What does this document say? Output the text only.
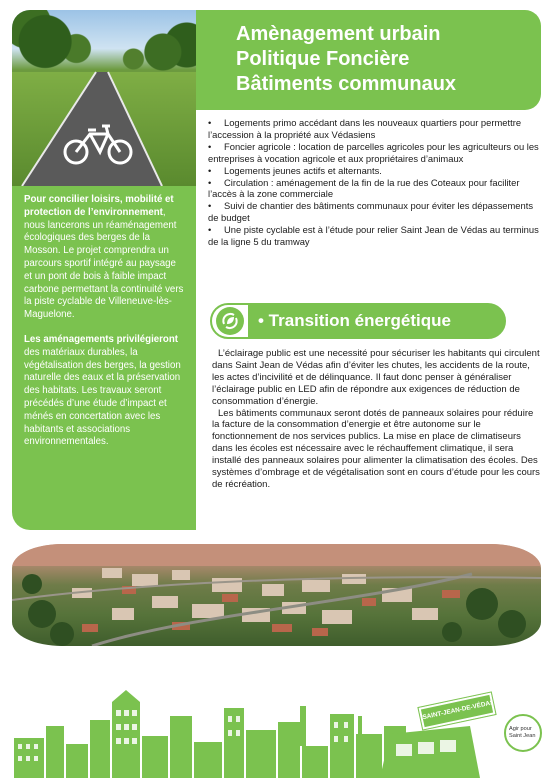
Pour concilier loisirs, mobilité et protection de l’environnement, nous lancerons un réaménagement écologiques des berges de la Mosson. Le projet comprendra un parcours sportif intégré au paysage et un pont de bois à faible impact carbone permettant la continuité vers la piste cyclable de Villeneuve-lès-Maguelone.

Les aménagements privilégieront des matériaux durables, la végétalisation des berges, la gestion naturelle des eaux et la préservation des habitats. Les travaux seront précédés d’une étude d’impact et ménés en concertation avec les habitants et associations environnementales.

Amènagement urbain
Politique Foncière
Bâtiments communaux
• Logements primo accédant dans les nouveaux quartiers pour permettre l’accession à la propriété aux Védasiens
• Foncier agricole : location de parcelles agricoles pour les agriculteurs ou les entreprises à vocation agricole et aux propriétaires d’animaux
• Logements jeunes actifs et alternants.
• Circulation : aménagement de la fin de la rue des Coteaux pour faciliter l’accès à la zone commerciale
• Suivi de chantier des bâtiments communaux pour éviter les dépassements de budget
• Une piste cyclable est à l’étude pour relier Saint Jean de Védas au terminus de la ligne 5 du tramway
• Transition énergétique

L’éclairage public est une necessité pour sécuriser les habitants qui circulent dans Saint Jean de Védas afin d’éviter les chutes, les accidents de la route, les actes d’incivilité et de délinquance. Il faut donc penser à généraliser l’éclairage public en LED afin de répondre aux exigences de réduction de consommation d’énergie.

Les bâtiments communaux seront dotés de panneaux solaires pour réduire la facture de la consommation d’energie et être autonome sur le fonctionnement de nos services publics. La mise en place de climatiseurs dans les écoles est nécessaire avec le réchauffement climatique, il sera installé des panneaux solaires pour alimenter la climatisation des écoles. Des systèmes d’ombrage et de végétalisation sont en cours d’étude pour les cours de récréation.

SAINT-JEAN-DE-VÉDAS
Agir pour
Saint Jean
